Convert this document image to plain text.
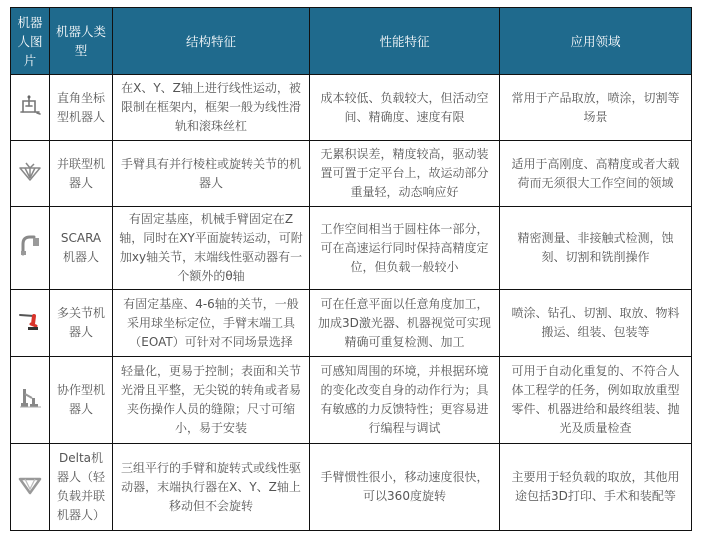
机器人图片	机器人类型	结构特征	性能特征	应用领域

	直角坐标型机器人	在X、Y、Z轴上进行线性运动，被限制在框架内，框架一般为线性滑轨和滚珠丝杠	成本较低、负载较大，但活动空间、精确度、速度有限	常用于产品取放，喷涂，切割等场景

	并联型机器人	手臂具有并行棱柱或旋转关节的机器人	无累积误差，精度较高，驱动装置可置于定平台上，故运动部分重量轻，动态响应好	适用于高刚度、高精度或者大载荷而无须很大工作空间的领域

	SCARA机器人	有固定基座，机械手臂固定在Z轴，同时在XY平面旋转运动，可附加xy轴关节，末端线性驱动器有一个额外的θ轴	工作空间相当于圆柱体一部分，可在高速运行同时保持高精度定位，但负载一般较小	精密测量、非接触式检测，蚀刻、切割和铣削操作

	多关节机器人	有固定基座、4-6轴的关节，一般采用球坐标定位，手臂末端工具（EOAT）可针对不同场景选择	可在任意平面以任意角度加工，加成3D激光器、机器视觉可实现精确可重复检测、加工	喷涂、钻孔、切割、取放、物料搬运、组装、包装等

	协作型机器人	轻量化，更易于控制；表面和关节光滑且平整，无尖锐的转角或者易夹伤操作人员的缝隙；尺寸可缩小，易于安装	可感知周围的环境，并根据环境的变化改变自身的动作行为；具有敏感的力反馈特性；更容易进行编程与调试	可用于自动化重复的、不符合人体工程学的任务，例如取放重型零件、机器进给和最终组装、抛光及质量检查

	Delta机器人（轻负载并联机器人）	三组平行的手臂和旋转式或线性驱动器，末端执行器在X、Y、Z轴上移动但不会旋转	手臂惯性很小，移动速度很快，可以360度旋转	主要用于轻负载的取放，其他用途包括3D打印、手术和装配等
